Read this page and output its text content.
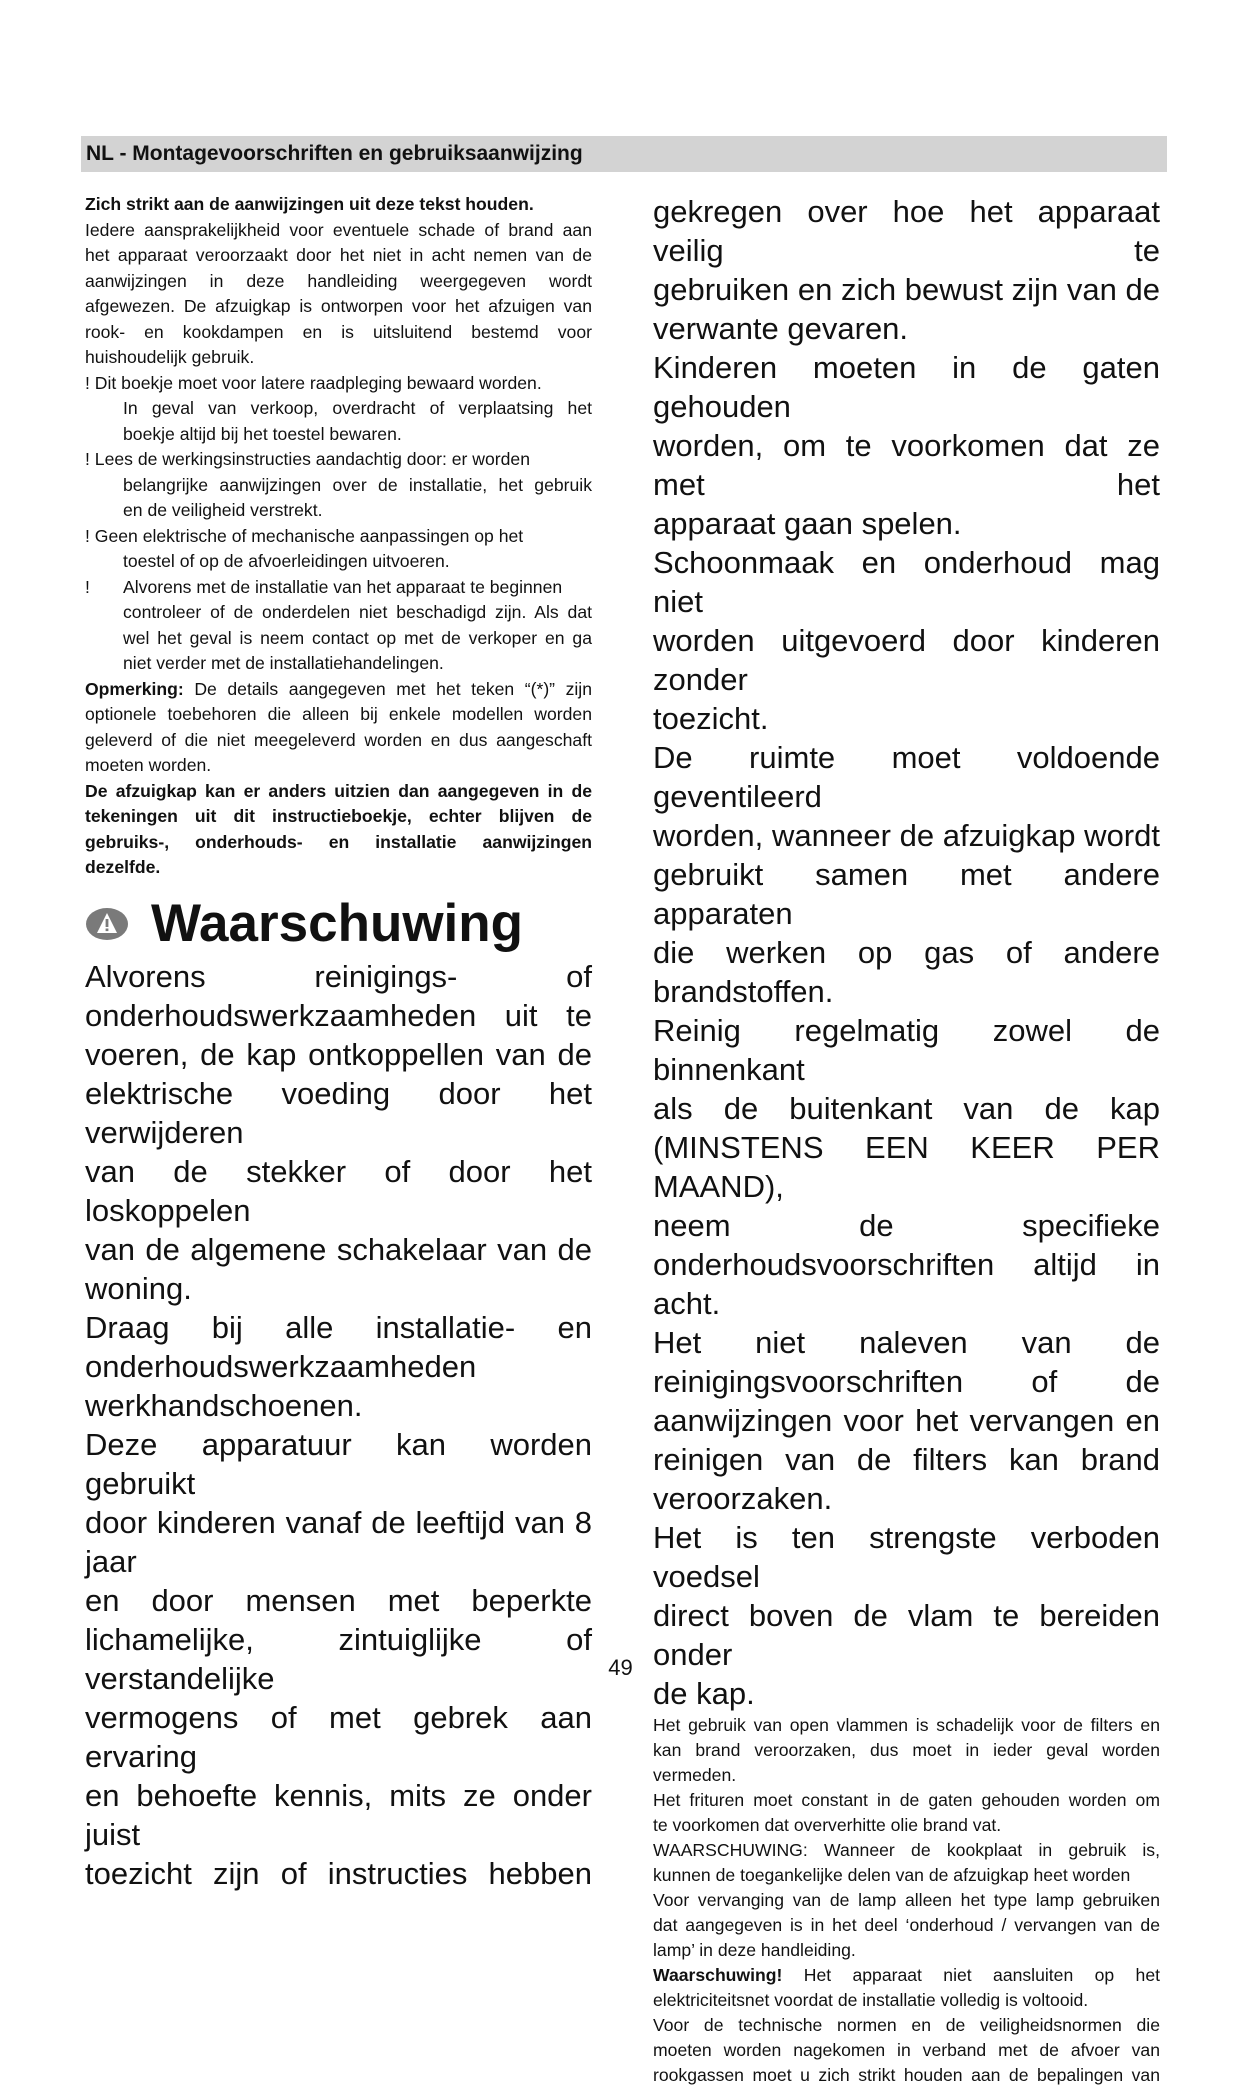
NL - Montagevoorschriften en gebruiksaanwijzing

Zich strikt aan de aanwijzingen uit deze tekst houden.

Iedere aansprakelijkheid voor eventuele schade of brand aan

het apparaat veroorzaakt door het niet in acht nemen van de

aanwijzingen in deze handleiding weergegeven wordt

afgewezen. De afzuigkap is ontworpen voor het afzuigen van

rook- en kookdampen en is uitsluitend bestemd voor

huishoudelijk gebruik.

! Dit boekje moet voor latere raadpleging bewaard worden.

In geval van verkoop, overdracht of verplaatsing het

boekje altijd bij het toestel bewaren.

! Lees de werkingsinstructies aandachtig door: er worden

belangrijke aanwijzingen over de installatie, het gebruik

en de veiligheid verstrekt.

! Geen elektrische of mechanische aanpassingen op het

toestel of op de afvoerleidingen uitvoeren.

! Alvorens met de installatie van het apparaat te beginnen

controleer of de onderdelen niet beschadigd zijn. Als dat

wel het geval is neem contact op met de verkoper en ga

niet verder met de installatiehandelingen.

Opmerking: De details aangegeven met het teken “(*)” zijn

optionele toebehoren die alleen bij enkele modellen worden

geleverd of die niet meegeleverd worden en dus aangeschaft

moeten worden.

De afzuigkap kan er anders uitzien dan aangegeven in de

tekeningen uit dit instructieboekje, echter blijven de

gebruiks-, onderhouds- en installatie aanwijzingen

dezelfde.

Waarschuwing
Alvorens reinigings- of
onderhoudswerkzaamheden uit te
voeren, de kap ontkoppellen van de
elektrische voeding door het verwijderen
van de stekker of door het loskoppelen
van de algemene schakelaar van de
woning.
Draag bij alle installatie- en
onderhoudswerkzaamheden
werkhandschoenen.
Deze apparatuur kan worden gebruikt
door kinderen vanaf de leeftijd van 8 jaar
en door mensen met beperkte
lichamelijke, zintuiglijke of verstandelijke
vermogens of met gebrek aan ervaring
en behoefte kennis, mits ze onder juist
toezicht zijn of instructies hebben
gekregen over hoe het apparaat veilig te
gebruiken en zich bewust zijn van de
verwante gevaren.
Kinderen moeten in de gaten gehouden
worden, om te voorkomen dat ze met het
apparaat gaan spelen.
Schoonmaak en onderhoud mag niet
worden uitgevoerd door kinderen zonder
toezicht.
De ruimte moet voldoende geventileerd
worden, wanneer de afzuigkap wordt
gebruikt samen met andere apparaten
die werken op gas of andere
brandstoffen.
Reinig regelmatig zowel de binnenkant
als de buitenkant van de kap
(MINSTENS EEN KEER PER MAAND),
neem de specifieke
onderhoudsvoorschriften altijd in acht.
Het niet naleven van de
reinigingsvoorschriften of de
aanwijzingen voor het vervangen en
reinigen van de filters kan brand
veroorzaken.
Het is ten strengste verboden voedsel
direct boven de vlam te bereiden onder
de kap.

Het gebruik van open vlammen is schadelijk voor de filters en

kan brand veroorzaken, dus moet in ieder geval worden

vermeden.

Het frituren moet constant in de gaten gehouden worden om

te voorkomen dat oververhitte olie brand vat.

WAARSCHUWING: Wanneer de kookplaat in gebruik is,

kunnen de toegankelijke delen van de afzuigkap heet worden

Voor vervanging van de lamp alleen het type lamp gebruiken

dat aangegeven is in het deel ‘onderhoud / vervangen van de

lamp’ in deze handleiding.

Waarschuwing! Het apparaat niet aansluiten op het

elektriciteitsnet voordat de installatie volledig is voltooid.

Voor de technische normen en de veiligheidsnormen die

moeten worden nagekomen in verband met de afvoer van

rookgassen moet u zich strikt houden aan de bepalingen van

49
